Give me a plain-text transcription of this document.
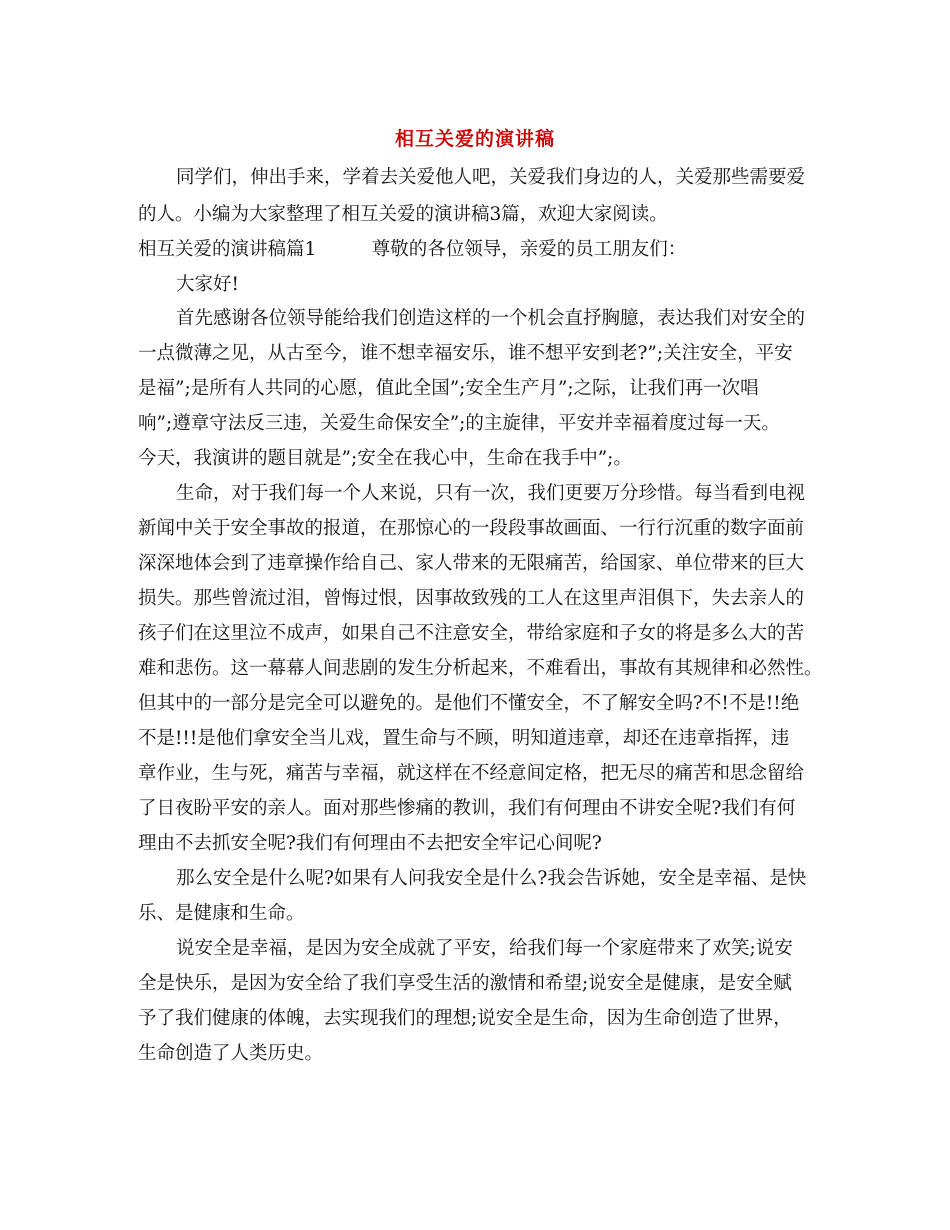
相互关爱的演讲稿
同学们，伸出手来，学着去关爱他人吧，关爱我们身边的人，关爱那些需要爱
的人。小编为大家整理了相互关爱的演讲稿3篇，欢迎大家阅读。
相互关爱的演讲稿篇1　　　尊敬的各位领导，亲爱的员工朋友们：
大家好!
首先感谢各位领导能给我们创造这样的一个机会直抒胸臆，表达我们对安全的
一点微薄之见，从古至今，谁不想幸福安乐，谁不想平安到老?”;关注安全，平安
是福”;是所有人共同的心愿，值此全国”;安全生产月”;之际，让我们再一次唱
响”;遵章守法反三违，关爱生命保安全”;的主旋律，平安并幸福着度过每一天。
今天，我演讲的题目就是”;安全在我心中，生命在我手中”;。
生命，对于我们每一个人来说，只有一次，我们更要万分珍惜。每当看到电视
新闻中关于安全事故的报道，在那惊心的一段段事故画面、一行行沉重的数字面前
深深地体会到了违章操作给自己、家人带来的无限痛苦，给国家、单位带来的巨大
损失。那些曾流过泪，曾悔过恨，因事故致残的工人在这里声泪俱下，失去亲人的
孩子们在这里泣不成声，如果自己不注意安全，带给家庭和子女的将是多么大的苦
难和悲伤。这一幕幕人间悲剧的发生分析起来，不难看出，事故有其规律和必然性。
但其中的一部分是完全可以避免的。是他们不懂安全，不了解安全吗?不!不是!!绝
不是!!!是他们拿安全当儿戏，置生命与不顾，明知道违章，却还在违章指挥，违
章作业，生与死，痛苦与幸福，就这样在不经意间定格，把无尽的痛苦和思念留给
了日夜盼平安的亲人。面对那些惨痛的教训，我们有何理由不讲安全呢?我们有何
理由不去抓安全呢?我们有何理由不去把安全牢记心间呢?
那么安全是什么呢?如果有人问我安全是什么?我会告诉她，安全是幸福、是快
乐、是健康和生命。
说安全是幸福，是因为安全成就了平安，给我们每一个家庭带来了欢笑;说安
全是快乐，是因为安全给了我们享受生活的激情和希望;说安全是健康，是安全赋
予了我们健康的体魄，去实现我们的理想;说安全是生命，因为生命创造了世界，
生命创造了人类历史。
